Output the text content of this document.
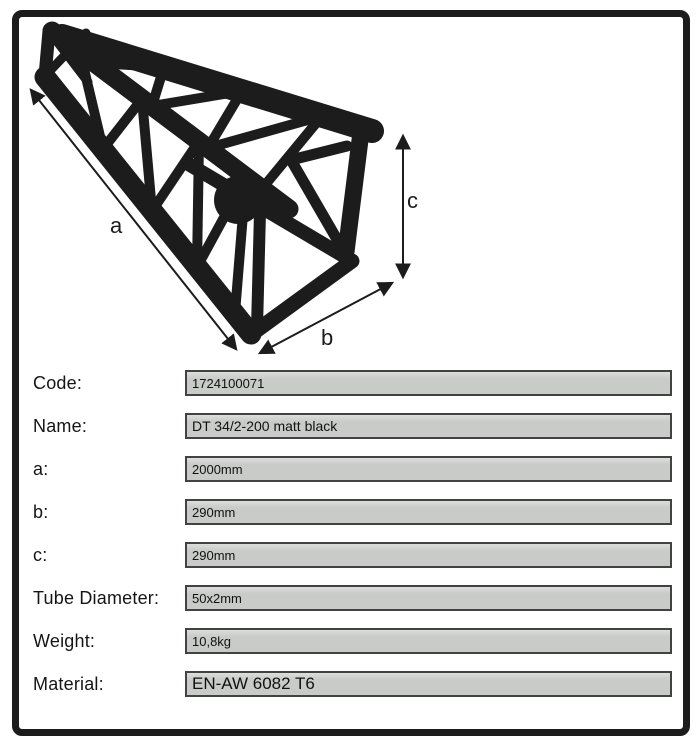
a
b
c
Code:	1724100071
Name:	DT 34/2-200 matt black
a:	2000mm
b:	290mm
c:	290mm
Tube Diameter:	50x2mm
Weight:	10,8kg
Material:	EN-AW 6082 T6
